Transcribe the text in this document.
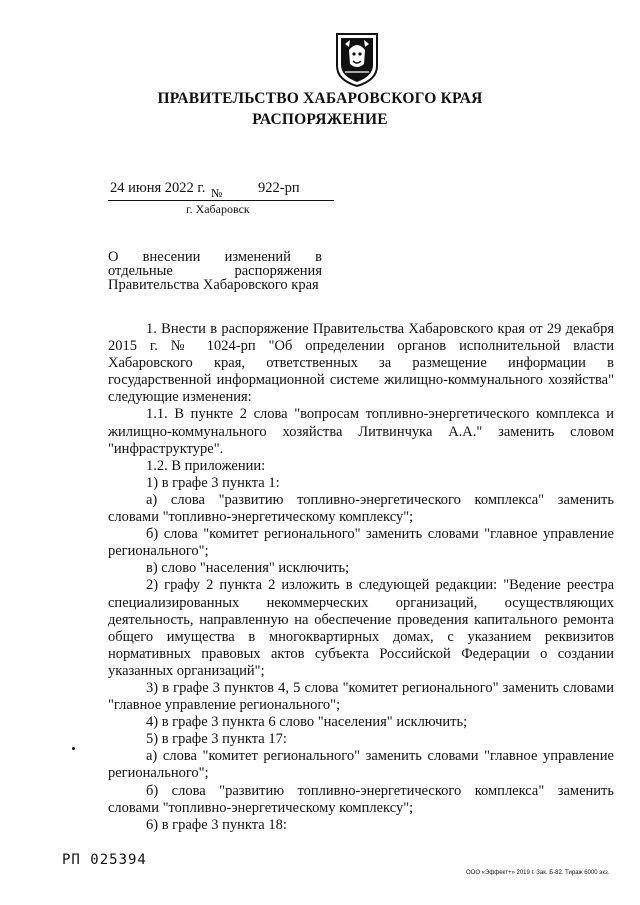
ПРАВИТЕЛЬСТВО ХАБАРОВСКОГО КРАЯ
РАСПОРЯЖЕНИЕ
24 июня 2022 г. № 922-рп
г. Хабаровск
О внесении изменений в
отдельные	распоряжения
Правительства Хабаровского края

1. Внести в распоряжение Правительства Хабаровского края от 29 декабря 2015 г. № 1024-рп "Об определении органов исполнительной власти Хабаровского края, ответственных за размещение информации в государственной информационной системе жилищно-коммунального хозяйства" следующие изменения:

1.1. В пункте 2 слова "вопросам топливно-энергетического комплекса и жилищно-коммунального хозяйства Литвинчука А.А." заменить словом "инфраструктуре".

1.2. В приложении:

1) в графе 3 пункта 1:

а) слова "развитию топливно-энергетического комплекса" заменить словами "топливно-энергетическому комплексу";

б) слова "комитет регионального" заменить словами "главное управление регионального";

в) слово "населения" исключить;

2) графу 2 пункта 2 изложить в следующей редакции: "Ведение реестра специализированных некоммерческих организаций, осуществляющих деятельность, направленную на обеспечение проведения капитального ремонта общего имущества в многоквартирных домах, с указанием реквизитов нормативных правовых актов субъекта Российской Федерации о создании указанных организаций";

3) в графе 3 пунктов 4, 5 слова "комитет регионального" заменить словами "главное управление регионального";

4) в графе 3 пункта 6 слово "населения" исключить;

5) в графе 3 пункта 17:

а) слова "комитет регионального" заменить словами "главное управление регионального";

б) слова "развитию топливно-энергетического комплекса" заменить словами "топливно-энергетическому комплексу";

6) в графе 3 пункта 18:

РП 025394
ООО «Эффект+» 2019 г. Зак. Б-82. Тираж 6000 экз.
